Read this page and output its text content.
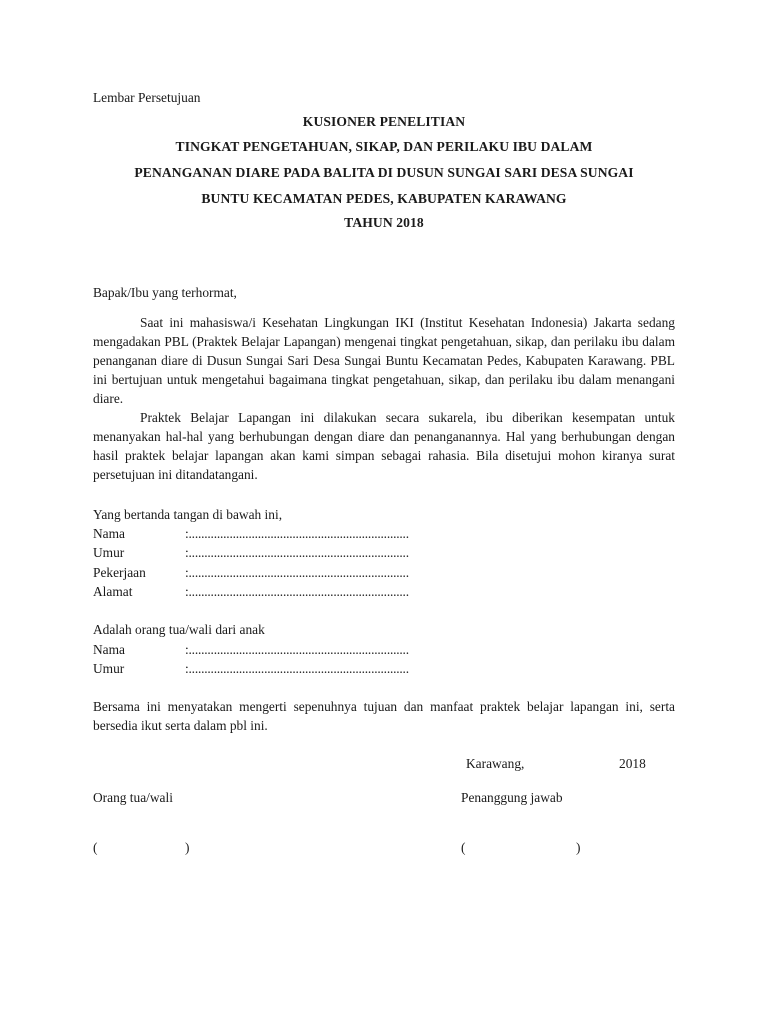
Lembar Persetujuan
KUSIONER PENELITIAN
TINGKAT PENGETAHUAN, SIKAP, DAN PERILAKU IBU DALAM
PENANGANAN DIARE PADA BALITA DI DUSUN SUNGAI SARI DESA SUNGAI
BUNTU KECAMATAN PEDES, KABUPATEN KARAWANG
TAHUN 2018
Bapak/Ibu yang terhormat,

Saat ini mahasiswa/i Kesehatan Lingkungan IKI (Institut Kesehatan Indonesia) Jakarta sedang mengadakan PBL (Praktek Belajar Lapangan) mengenai tingkat pengetahuan, sikap, dan perilaku ibu dalam penanganan diare di Dusun Sungai Sari Desa Sungai Buntu Kecamatan Pedes, Kabupaten Karawang. PBL ini bertujuan untuk mengetahui bagaimana tingkat pengetahuan, sikap, dan perilaku ibu dalam menangani diare.

Praktek Belajar Lapangan ini dilakukan secara sukarela, ibu diberikan kesempatan untuk menanyakan hal-hal yang berhubungan dengan diare dan penanganannya. Hal yang berhubungan dengan hasil praktek belajar lapangan akan kami simpan sebagai rahasia. Bila disetujui mohon kiranya surat persetujuan ini ditandatangani.

Yang bertanda tangan di bawah ini,
Nama	:......................................................................
Umur	:......................................................................
Pekerjaan	:......................................................................
Alamat	:......................................................................
Adalah orang tua/wali dari anak
Nama	:......................................................................
Umur	:......................................................................
Bersama ini menyatakan mengerti sepenuhnya tujuan dan manfaat praktek belajar lapangan ini, serta bersedia ikut serta dalam pbl ini.
Karawang,	2018
Orang tua/wali	Penanggung jawab
(	)	(	)
